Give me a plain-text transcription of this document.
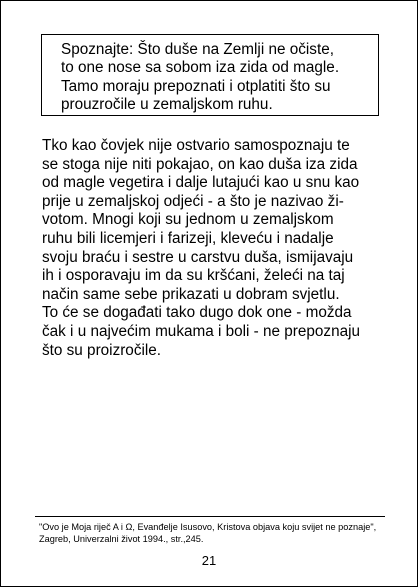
Spoznajte: Što duše na Zemlji ne očiste,
to one nose sa sobom iza zida od magle.
Tamo moraju prepoznati i otplatiti što su
prouzročile u zemaljskom ruhu.

Tko kao čovjek nije ostvario samospoznaju te
se stoga nije niti pokajao, on kao duša iza zida
od magle vegetira i dalje lutajući kao u snu kao
prije u zemaljskoj odjeći - a što je nazivao ži-
votom. Mnogi koji su jednom u zemaljskom
ruhu bili licemjeri i farizeji, kleveću i nadalje
svoju braću i sestre u carstvu duša, ismijavaju
ih i osporavaju im da su kršćani, želeći na taj
način same sebe prikazati u dobram svjetlu.
To će se događati tako dugo dok one - možda
čak i u najvećim mukama i boli - ne prepoznaju
što su proizročile.

"Ovo je Moja riječ A i Ω, Evanđelje Isusovo, Kristova objava koju svijet ne poznaje",
Zagreb, Univerzalni život 1994., str.,245.

21
